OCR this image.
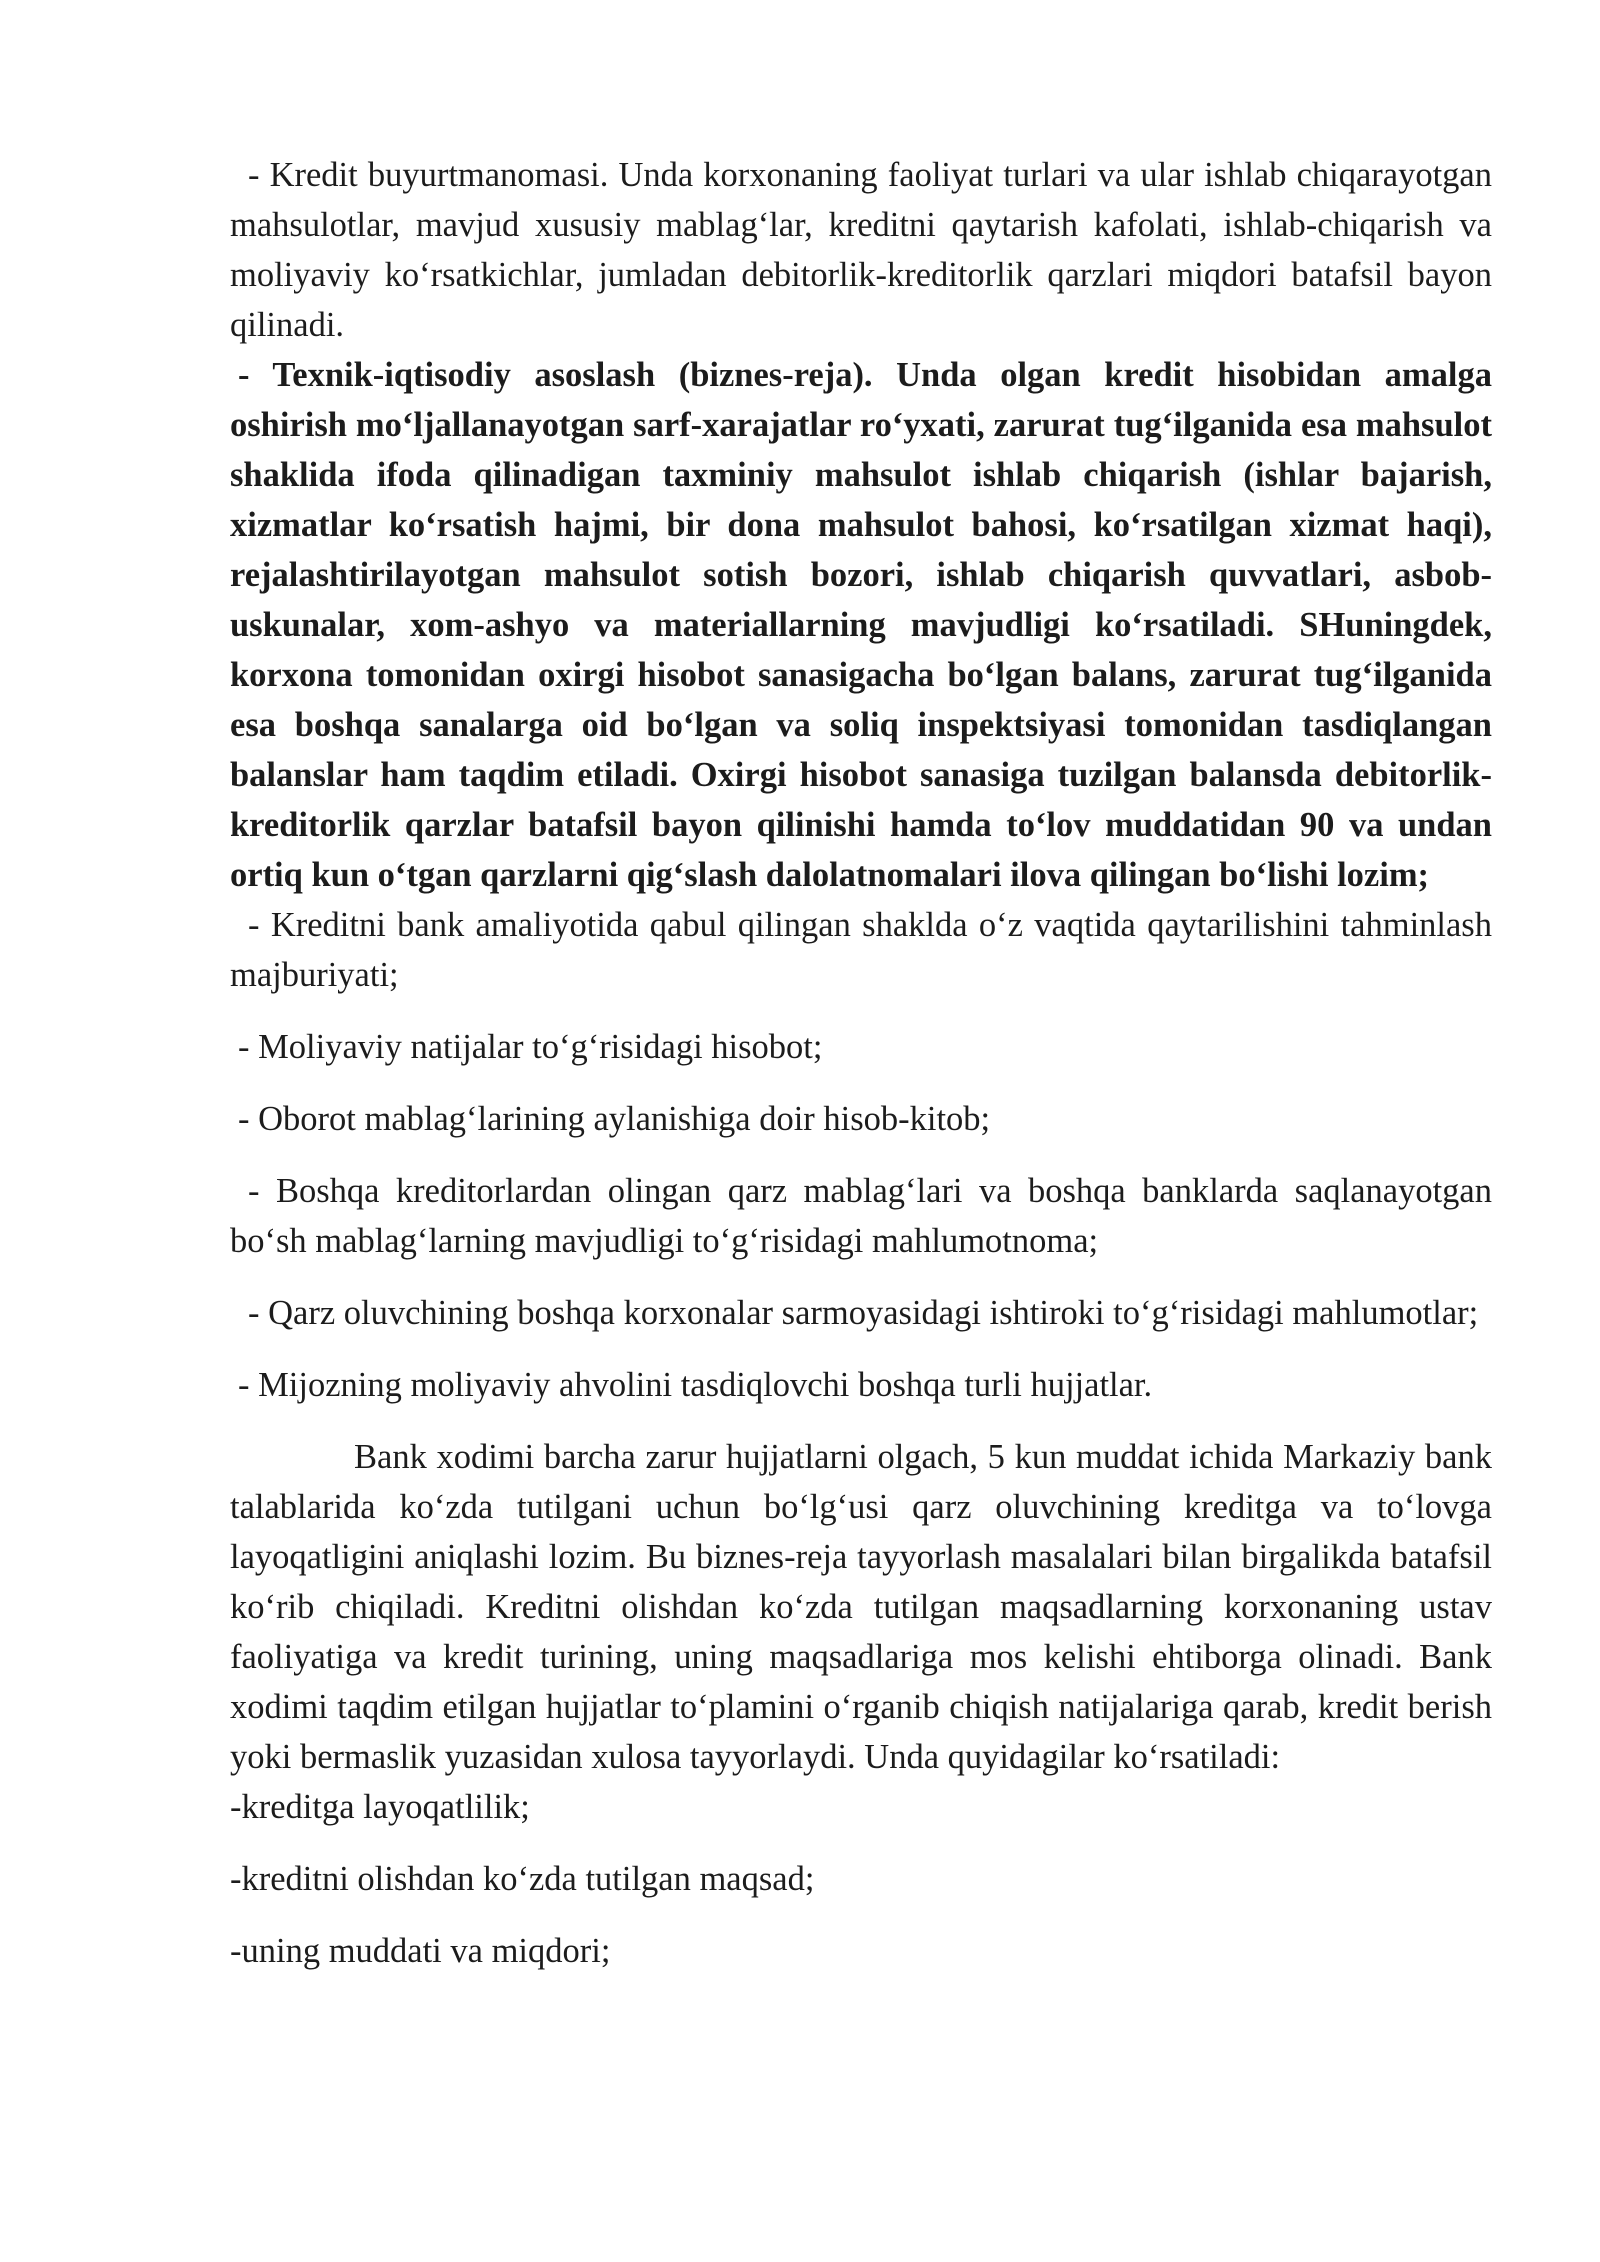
- Kredit buyurtmanomasi. Unda korxonaning faoliyat turlari va ular ishlab chiqarayotgan mahsulotlar, mavjud xususiy mablag‘lar, kreditni qaytarish kafolati, ishlab-chiqarish va moliyaviy ko‘rsatkichlar, jumladan debitorlik-kreditorlik qarzlari miqdori batafsil bayon qilinadi.

- Texnik-iqtisodiy asoslash (biznes-reja). Unda olgan kredit hisobidan amalga oshirish mo‘ljallanayotgan sarf-xarajatlar ro‘yxati, zarurat tug‘ilganida esa mahsulot shaklida ifoda qilinadigan taxminiy mahsulot ishlab chiqarish (ishlar bajarish, xizmatlar ko‘rsatish hajmi, bir dona mahsulot bahosi, ko‘rsatilgan xizmat haqi), rejalashtirilayotgan mahsulot sotish bozori, ishlab chiqarish quvvatlari, asbob-uskunalar, xom-ashyo va materiallarning mavjudligi ko‘rsatiladi. SHuningdek, korxona tomonidan oxirgi hisobot sanasigacha bo‘lgan balans, zarurat tug‘ilganida esa boshqa sanalarga oid bo‘lgan va soliq inspektsiyasi tomonidan tasdiqlangan balanslar ham taqdim etiladi. Oxirgi hisobot sanasiga tuzilgan balansda debitorlik-kreditorlik qarzlar batafsil bayon qilinishi hamda to‘lov muddatidan 90 va undan ortiq kun o‘tgan qarzlarni qig‘slash dalolatnomalari ilova qilingan bo‘lishi lozim;

- Kreditni bank amaliyotida qabul qilingan shaklda o‘z vaqtida qaytarilishini tahminlash majburiyati;

- Moliyaviy natijalar to‘g‘risidagi hisobot;

- Oborot mablag‘larining aylanishiga doir hisob-kitob;

- Boshqa kreditorlardan olingan qarz mablag‘lari va boshqa banklarda saqlanayotgan bo‘sh mablag‘larning mavjudligi to‘g‘risidagi mahlumotnoma;

- Qarz oluvchining boshqa korxonalar sarmoyasidagi ishtiroki to‘g‘risidagi mahlumotlar;

- Mijozning moliyaviy ahvolini tasdiqlovchi boshqa turli hujjatlar.

Bank xodimi barcha zarur hujjatlarni olgach, 5 kun muddat ichida Markaziy bank talablarida ko‘zda tutilgani uchun bo‘lg‘usi qarz oluvchining kreditga va to‘lovga layoqatligini aniqlashi lozim. Bu biznes-reja tayyorlash masalalari bilan birgalikda batafsil ko‘rib chiqiladi. Kreditni olishdan ko‘zda tutilgan maqsadlarning korxonaning ustav faoliyatiga va kredit turining, uning maqsadlariga mos kelishi ehtiborga olinadi. Bank xodimi taqdim etilgan hujjatlar to‘plamini o‘rganib chiqish natijalariga qarab, kredit berish yoki bermaslik yuzasidan xulosa tayyorlaydi. Unda quyidagilar ko‘rsatiladi:

-kreditga layoqatlilik;

-kreditni olishdan ko‘zda tutilgan maqsad;

-uning muddati va miqdori;
